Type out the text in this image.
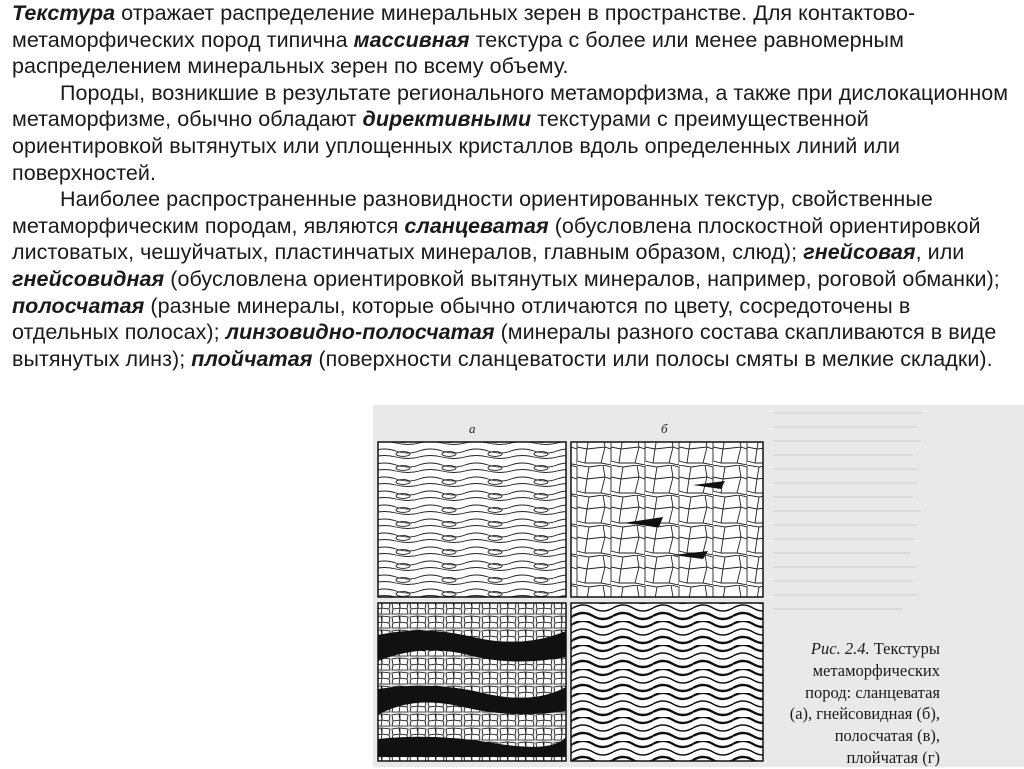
Текстура отражает распределение минеральных зерен в пространстве. Для контактово-метаморфических пород типична массивная текстура с более или менее равномерным распределением минеральных зерен по всему объему.

Породы, возникшие в результате регионального метаморфизма, а также при дислокационном метаморфизме, обычно обладают директивными текстурами с преимущественной ориентировкой вытянутых или уплощенных кристаллов вдоль определенных линий или поверхностей.

Наиболее распространенные разновидности ориентированных текстур, свойственные метаморфическим породам, являются сланцеватая (обусловлена плоскостной ориентировкой листоватых, чешуйчатых, пластинчатых минералов, главным образом, слюд); гнейсовая, или гнейсовидная (обусловлена ориентировкой вытянутых минералов, например, роговой обманки); полосчатая (разные минералы, которые обычно отличаются по цвету, сосредоточены в отдельных полосах); линзовидно-полосчатая (минералы разного состава скапливаются в виде вытянутых линз); плойчатая (поверхности сланцеватости или полосы смяты в мелкие складки).

а	б
Рис. 2.4. Текстуры метаморфических пород: сланцеватая (а), гнейсовидная (б), полосчатая (в), плойчатая (г)
